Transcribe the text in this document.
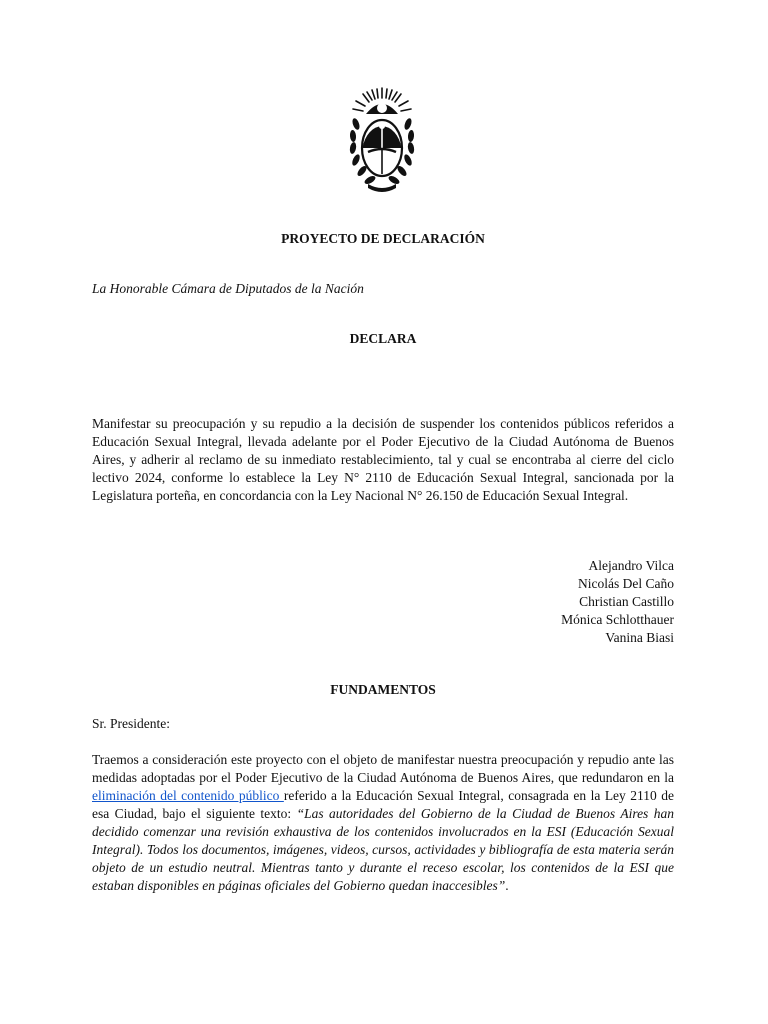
PROYECTO DE DECLARACIÓN
La Honorable Cámara de Diputados de la Nación
DECLARA

Manifestar su preocupación y su repudio a la decisión de suspender los contenidos públicos referidos a Educación Sexual Integral, llevada adelante por el Poder Ejecutivo de la Ciudad Autónoma de Buenos Aires, y adherir al reclamo de su inmediato restablecimiento, tal y cual se encontraba al cierre del ciclo lectivo 2024, conforme lo establece la Ley N° 2110 de Educación Sexual Integral, sancionada por la Legislatura porteña, en concordancia con la Ley Nacional N° 26.150 de Educación Sexual Integral.

Alejandro Vilca
Nicolás Del Caño
Christian Castillo
Mónica Schlotthauer
Vanina Biasi
FUNDAMENTOS
Sr. Presidente:

Traemos a consideración este proyecto con el objeto de manifestar nuestra preocupación y repudio ante las medidas adoptadas por el Poder Ejecutivo de la Ciudad Autónoma de Buenos Aires, que redundaron en la eliminación del contenido público referido a la Educación Sexual Integral, consagrada en la Ley 2110 de esa Ciudad, bajo el siguiente texto: “Las autoridades del Gobierno de la Ciudad de Buenos Aires han decidido comenzar una revisión exhaustiva de los contenidos involucrados en la ESI (Educación Sexual Integral). Todos los documentos, imágenes, videos, cursos, actividades y bibliografía de esta materia serán objeto de un estudio neutral. Mientras tanto y durante el receso escolar, los contenidos de la ESI que estaban disponibles en páginas oficiales del Gobierno quedan inaccesibles”.
